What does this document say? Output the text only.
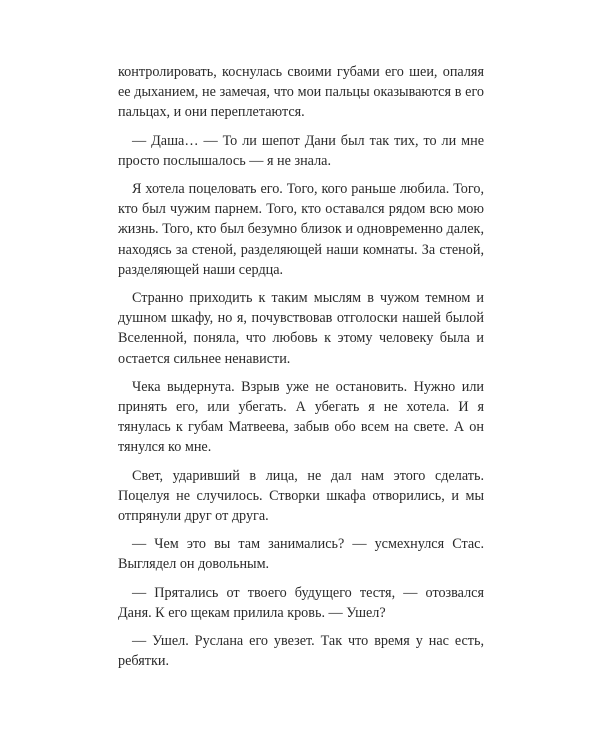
контролировать, коснулась своими губами его шеи, опаляя ее дыханием, не замечая, что мои пальцы оказываются в его пальцах, и они переплетаются.

— Даша… — То ли шепот Дани был так тих, то ли мне просто послышалось — я не знала.

Я хотела поцеловать его. Того, кого раньше любила. Того, кто был чужим парнем. Того, кто оставался рядом всю мою жизнь. Того, кто был безумно близок и одновременно далек, находясь за стеной, разделяющей наши комнаты. За стеной, разделяющей наши сердца.

Странно приходить к таким мыслям в чужом темном и душном шкафу, но я, почувствовав отголоски нашей былой Вселенной, поняла, что любовь к этому человеку была и остается сильнее ненависти.

Чека выдернута. Взрыв уже не остановить. Нужно или принять его, или убегать. А убегать я не хотела. И я тянулась к губам Матвеева, забыв обо всем на свете. А он тянулся ко мне.

Свет, ударивший в лица, не дал нам этого сделать. Поцелуя не случилось. Створки шкафа отворились, и мы отпрянули друг от друга.

— Чем это вы там занимались? — усмехнулся Стас. Выглядел он довольным.

— Прятались от твоего будущего тестя, — отозвался Даня. К его щекам прилила кровь. — Ушел?

— Ушел. Руслана его увезет. Так что время у нас есть, ребятки.
